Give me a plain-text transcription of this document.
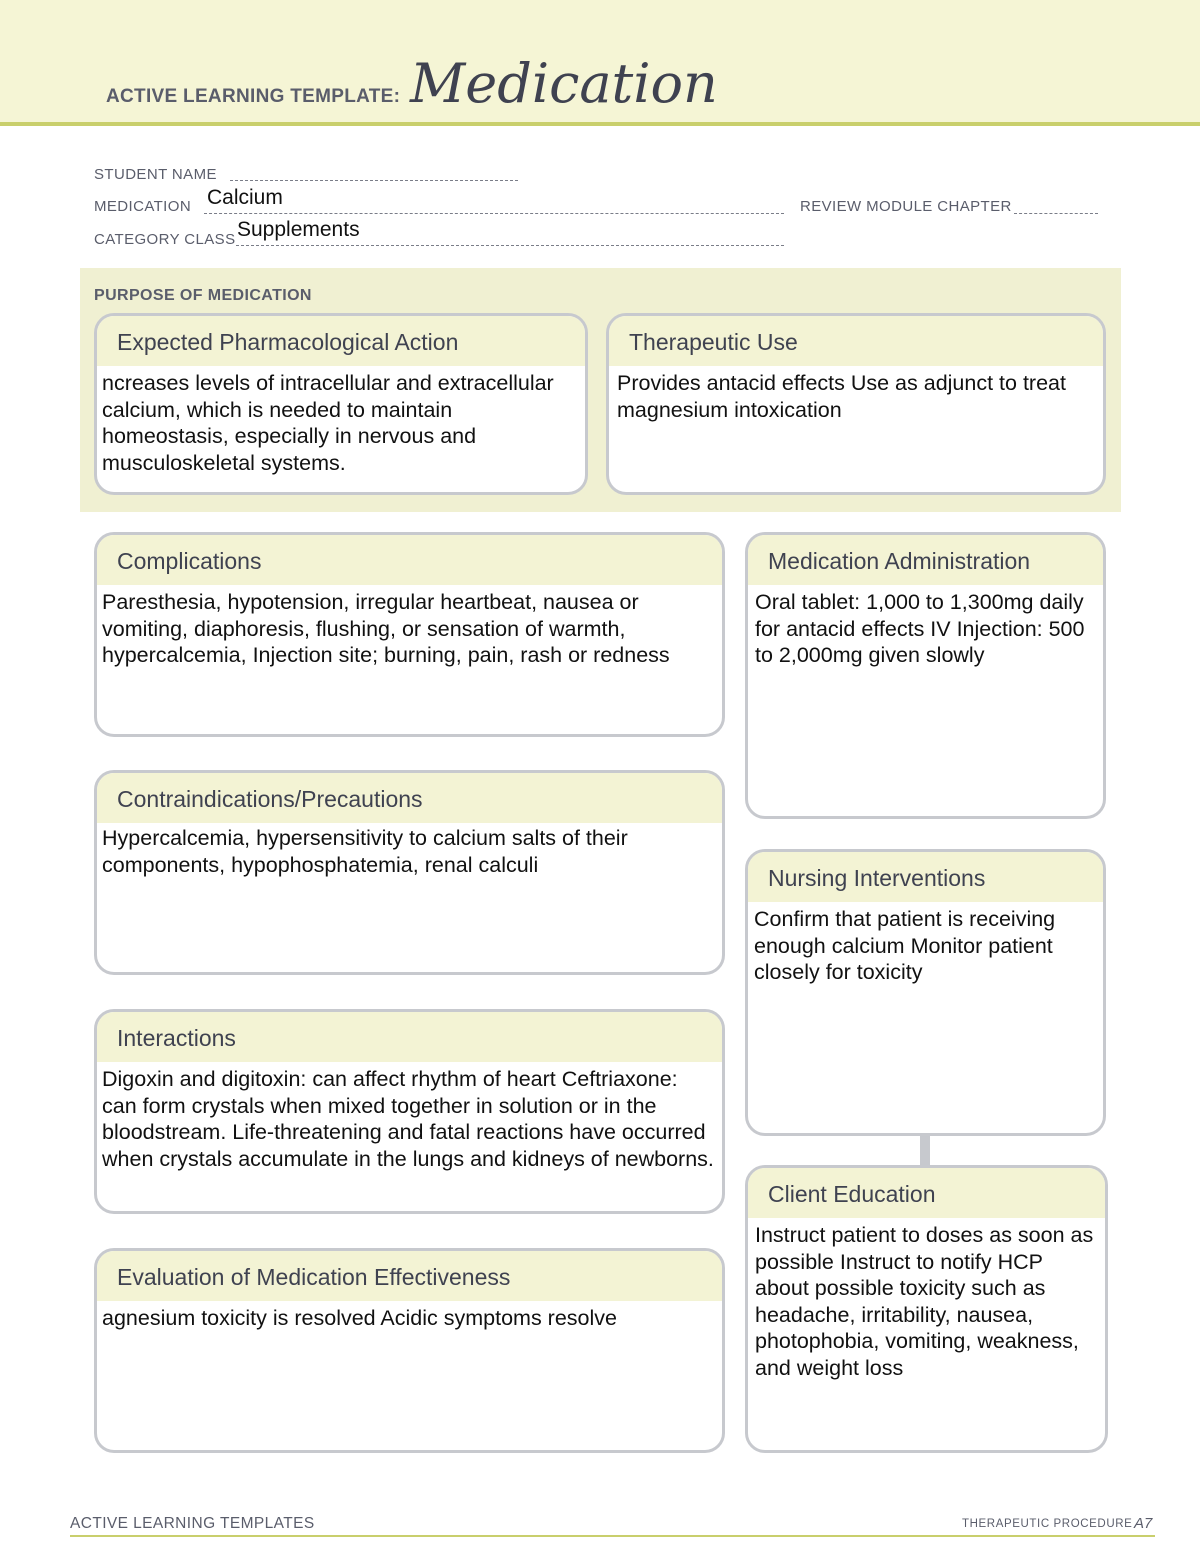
ACTIVE LEARNING TEMPLATE: Medication
STUDENT NAME
MEDICATION Calcium	REVIEW MODULE CHAPTER
CATEGORY CLASS Supplements
PURPOSE OF MEDICATION
Expected Pharmacological Action
ncreases levels of intracellular and extracellular calcium, which is needed to maintain homeostasis, especially in nervous and musculoskeletal systems.
Therapeutic Use
Provides antacid effects Use as adjunct to treat magnesium intoxication
Complications
Paresthesia, hypotension, irregular heartbeat, nausea or vomiting, diaphoresis, flushing, or sensation of warmth, hypercalcemia, Injection site; burning, pain, rash or redness
Contraindications/Precautions
Hypercalcemia, hypersensitivity to calcium salts of their components, hypophosphatemia, renal calculi
Interactions
Digoxin and digitoxin: can affect rhythm of heart Ceftriaxone: can form crystals when mixed together in solution or in the bloodstream. Life-threatening and fatal reactions have occurred when crystals accumulate in the lungs and kidneys of newborns.
Evaluation of Medication Effectiveness
agnesium toxicity is resolved Acidic symptoms resolve
Medication Administration
Oral tablet: 1,000 to 1,300mg daily for antacid effects IV Injection: 500 to 2,000mg given slowly
Nursing Interventions
Confirm that patient is receiving enough calcium Monitor patient closely for toxicity
Client Education
Instruct patient to doses as soon as possible Instruct to notify HCP about possible toxicity such as headache, irritability, nausea, photophobia, vomiting, weakness, and weight loss
ACTIVE LEARNING TEMPLATES	THERAPEUTIC PROCEDURE A7
